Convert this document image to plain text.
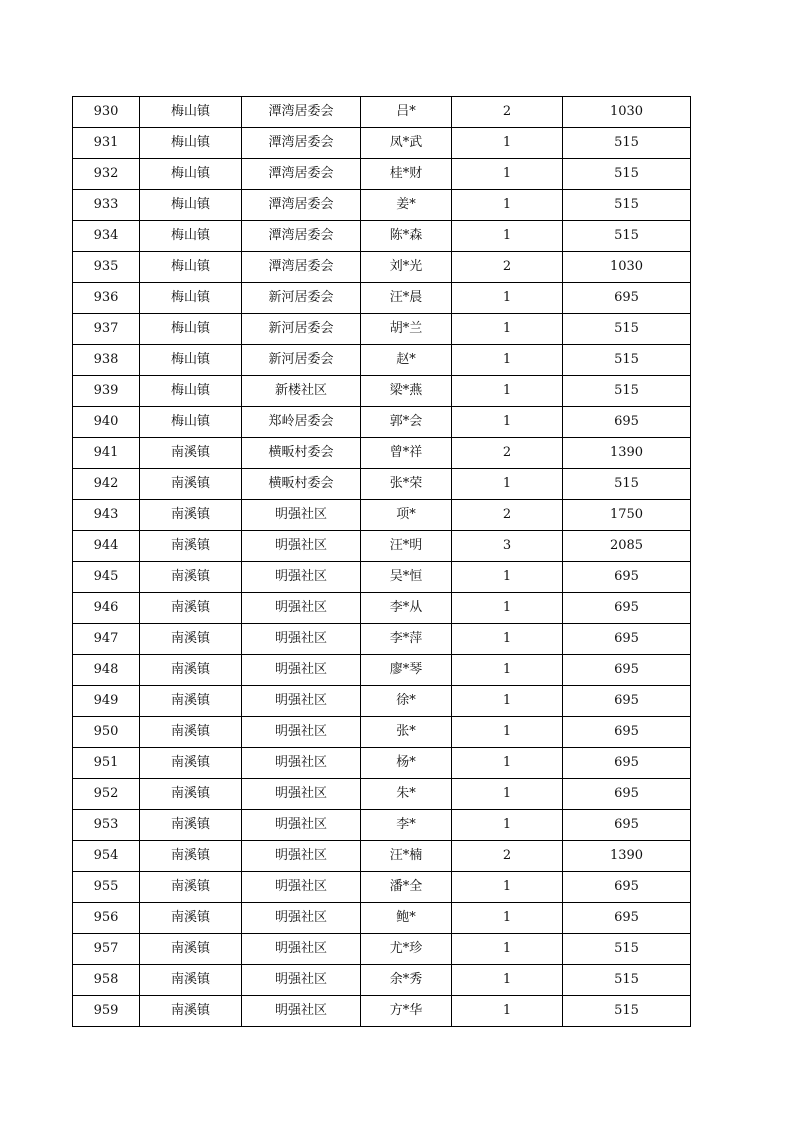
930	梅山镇	潭湾居委会	吕*	2	1030
931	梅山镇	潭湾居委会	凤*武	1	515
932	梅山镇	潭湾居委会	桂*财	1	515
933	梅山镇	潭湾居委会	姜*	1	515
934	梅山镇	潭湾居委会	陈*森	1	515
935	梅山镇	潭湾居委会	刘*光	2	1030
936	梅山镇	新河居委会	汪*晨	1	695
937	梅山镇	新河居委会	胡*兰	1	515
938	梅山镇	新河居委会	赵*	1	515
939	梅山镇	新楼社区	梁*燕	1	515
940	梅山镇	郑岭居委会	郭*会	1	695
941	南溪镇	横畈村委会	曾*祥	2	1390
942	南溪镇	横畈村委会	张*荣	1	515
943	南溪镇	明强社区	项*	2	1750
944	南溪镇	明强社区	汪*明	3	2085
945	南溪镇	明强社区	吴*恒	1	695
946	南溪镇	明强社区	李*从	1	695
947	南溪镇	明强社区	李*萍	1	695
948	南溪镇	明强社区	廖*琴	1	695
949	南溪镇	明强社区	徐*	1	695
950	南溪镇	明强社区	张*	1	695
951	南溪镇	明强社区	杨*	1	695
952	南溪镇	明强社区	朱*	1	695
953	南溪镇	明强社区	李*	1	695
954	南溪镇	明强社区	汪*楠	2	1390
955	南溪镇	明强社区	潘*全	1	695
956	南溪镇	明强社区	鲍*	1	695
957	南溪镇	明强社区	尤*珍	1	515
958	南溪镇	明强社区	余*秀	1	515
959	南溪镇	明强社区	方*华	1	515
